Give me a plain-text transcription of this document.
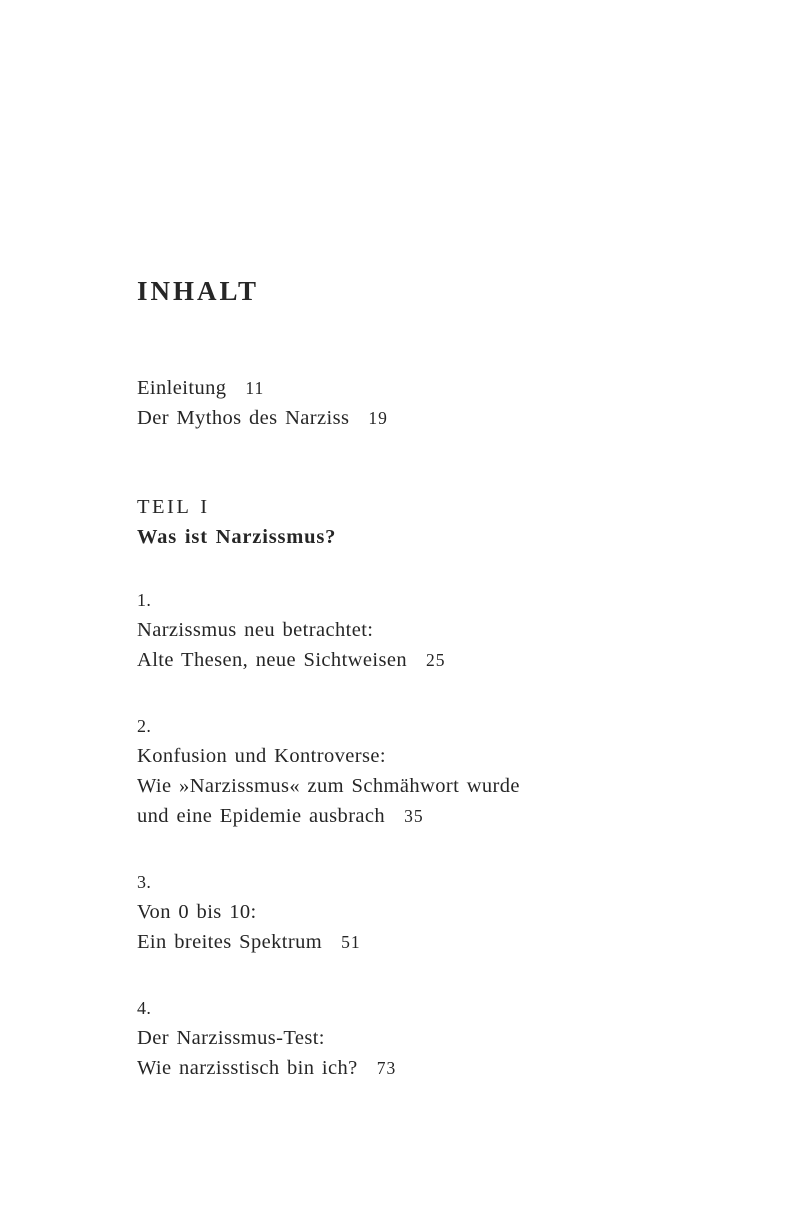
INHALT

Einleitung 11

Der Mythos des Narziss 19

TEIL I

Was ist Narzissmus?

1.

Narzissmus neu betrachtet:

Alte Thesen, neue Sichtweisen 25

2.

Konfusion und Kontroverse:

Wie »Narzissmus« zum Schmähwort wurde

und eine Epidemie ausbrach 35

3.

Von 0 bis 10:

Ein breites Spektrum 51

4.

Der Narzissmus-Test:

Wie narzisstisch bin ich? 73
